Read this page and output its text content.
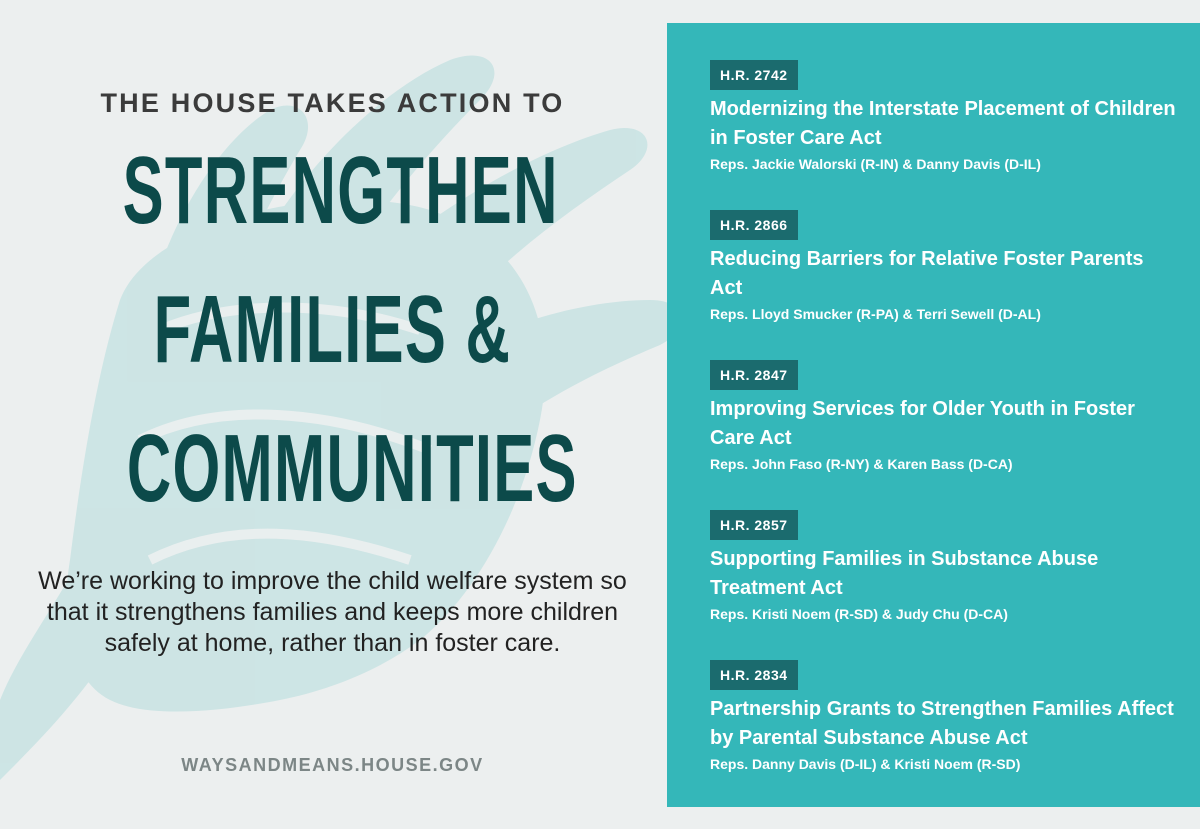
THE HOUSE TAKES ACTION TO
STRENGTHEN
FAMILIES &
COMMUNITIES
We’re working to improve the child welfare system so that it strengthens families and keeps more children safely at home, rather than in foster care.
WAYSANDMEANS.HOUSE.GOV
H.R. 2742
Modernizing the Interstate Placement of Children in Foster Care Act
Reps. Jackie Walorski (R-IN) & Danny Davis (D-IL)
H.R. 2866
Reducing Barriers for Relative Foster Parents Act
Reps. Lloyd Smucker (R-PA) & Terri Sewell (D-AL)
H.R. 2847
Improving Services for Older Youth in Foster Care Act
Reps. John Faso (R-NY) & Karen Bass (D-CA)
H.R. 2857
Supporting Families in Substance Abuse Treatment Act
Reps. Kristi Noem (R-SD) & Judy Chu (D-CA)
H.R. 2834
Partnership Grants to Strengthen Families Affect by Parental Substance Abuse Act
Reps. Danny Davis (D-IL) & Kristi Noem (R-SD)
